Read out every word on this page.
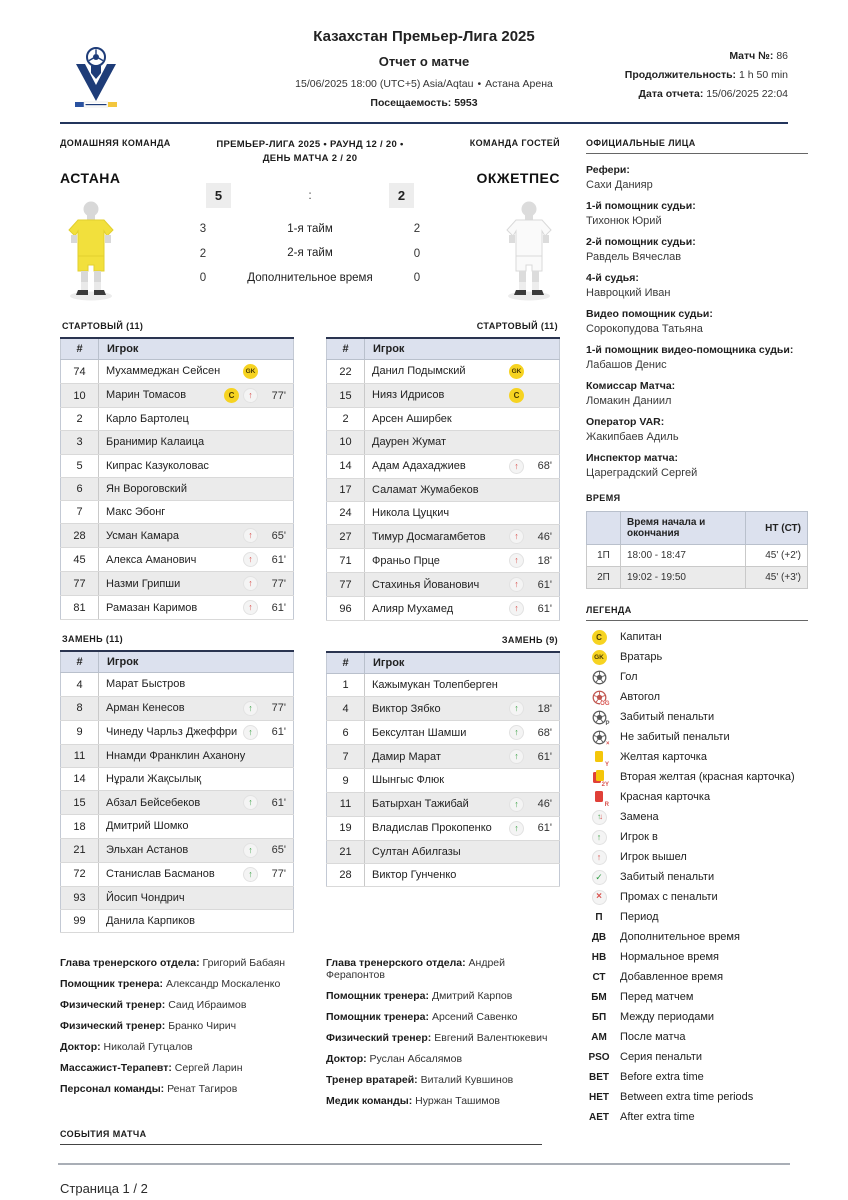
Казахстан Премьер-Лига 2025
Отчет о матче
15/06/2025 18:00 (UTC+5) Asia/Aqtau • Астана Арена
Посещаемость: 5953
Матч №: 86
Продолжительность: 1 h 50 min
Дата отчета: 15/06/2025 22:04
ДОМАШНЯЯ КОМАНДА
АСТАНА
ПРЕМЬЕР-ЛИГА 2025 • РАУНД 12 / 20 • ДЕНЬ МАТЧА 2 / 20
5	:	2
3	1-я тайм	2
2	2-я тайм	0
0	Дополнительное время	0
КОМАНДА ГОСТЕЙ
ОКЖЕТПЕС
СТАРТОВЫЙ (11)
#	Игрок
74	Мухаммеджан Сейсен GK

10	Марин Томасов C ↑ 77'

2	Карло Бартолец

3	Бранимир Калаица

5	Кипрас Казуколовас

6	Ян Вороговский

7	Макс Эбонг

28	Усман Камара ↑ 65'

45	Алекса Аманович ↑ 61'

77	Назми Грипши ↑ 77'

81	Рамазан Каримов ↑ 61'
ЗАМЕНЬ (11)
#	Игрок
4	Марат Быстров

8	Арман Кенесов ↑ 77'

9	Чинеду Чарльз Джеффри ↑ 61'

11	Ннамди Франклин Аханону

14	Нұрали Жақсылық

15	Абзал Бейсебеков ↑ 61'

18	Дмитрий Шомко

21	Эльхан Астанов ↑ 65'

72	Станислав Басманов ↑ 77'

93	Йосип Чондрич

99	Данила Карпиков
СТАРТОВЫЙ (11)
#	Игрок
22	Данил Подымский GK

15	Нияз Идрисов C

2	Арсен Аширбек

10	Даурен Жумат

14	Адам Адахаджиев ↑ 68'

17	Саламат Жумабеков

24	Никола Цуцкич

27	Тимур Досмагамбетов ↑ 46'

71	Франьо Прце ↑ 18'

77	Стахинья Йованович ↑ 61'

96	Алияр Мухамед ↑ 61'
ЗАМЕНЬ (9)
#	Игрок
1	Кажымукан Толепберген

4	Виктор Зябко ↑ 18'

6	Бексултан Шамши ↑ 68'

7	Дамир Марат ↑ 61'

9	Шынгыс Флюк

11	Батырхан Тажибай ↑ 46'

19	Владислав Прокопенко ↑ 61'

21	Султан Абилгазы

28	Виктор Гунченко
Глава тренерского отдела: Григорий Бабаян
Помощник тренера: Александр Москаленко
Физический тренер: Саид Ибраимов
Физический тренер: Бранко Чирич
Доктор: Николай Гутцалов
Массажист-Терапевт: Сергей Ларин
Персонал команды: Ренат Тагиров
Глава тренерского отдела: Андрей Ферапонтов
Помощник тренера: Дмитрий Карпов
Помощник тренера: Арсений Савенко
Физический тренер: Евгений Валентюкевич
Доктор: Руслан Абсалямов
Тренер вратарей: Виталий Кувшинов
Медик команды: Нуржан Ташимов
ОФИЦИАЛЬНЫЕ ЛИЦА
Рефери:
Сахи Данияр
1-й помощник судьи:
Тихонюк Юрий
2-й помощник судьи:
Равдель Вячеслав
4-й судья:
Навроцкий Иван
Видео помощник судьи:
Сорокопудова Татьяна
1-й помощник видео-помощника судьи:
Лабашов Денис
Комиссар Матча:
Ломакин Даниил
Оператор VAR:
Жакипбаев Адиль
Инспектор матча:
Цареградский Сергей
ВРЕМЯ
	Время начала и окончания	НТ (СТ)
1П	18:00 - 18:47	45' (+2')
2П	19:02 - 19:50	45' (+3')
ЛЕГЕНДА
C	Капитан
GK Вратарь
Гол
OG
Автогол
P
Забитый пенальти
×
Не забитый пенальти
Y
Желтая карточка
2Y
Вторая желтая (красная карточка)
R
Красная карточка
↑ ↓ Замена
↑	Игрок в
↑	Игрок вышел
✓	Забитый пенальти
×	Промах с пенальти
П Период
ДВ Дополнительное время
НВ Нормальное время
СТ Добавленное время
БМ Перед матчем
БП Между периодами
АМ После матча
PSO Серия пенальти
BET Before extra time
HET Between extra time periods
AET After extra time
СОБЫТИЯ МАТЧА
Страница 1 / 2
